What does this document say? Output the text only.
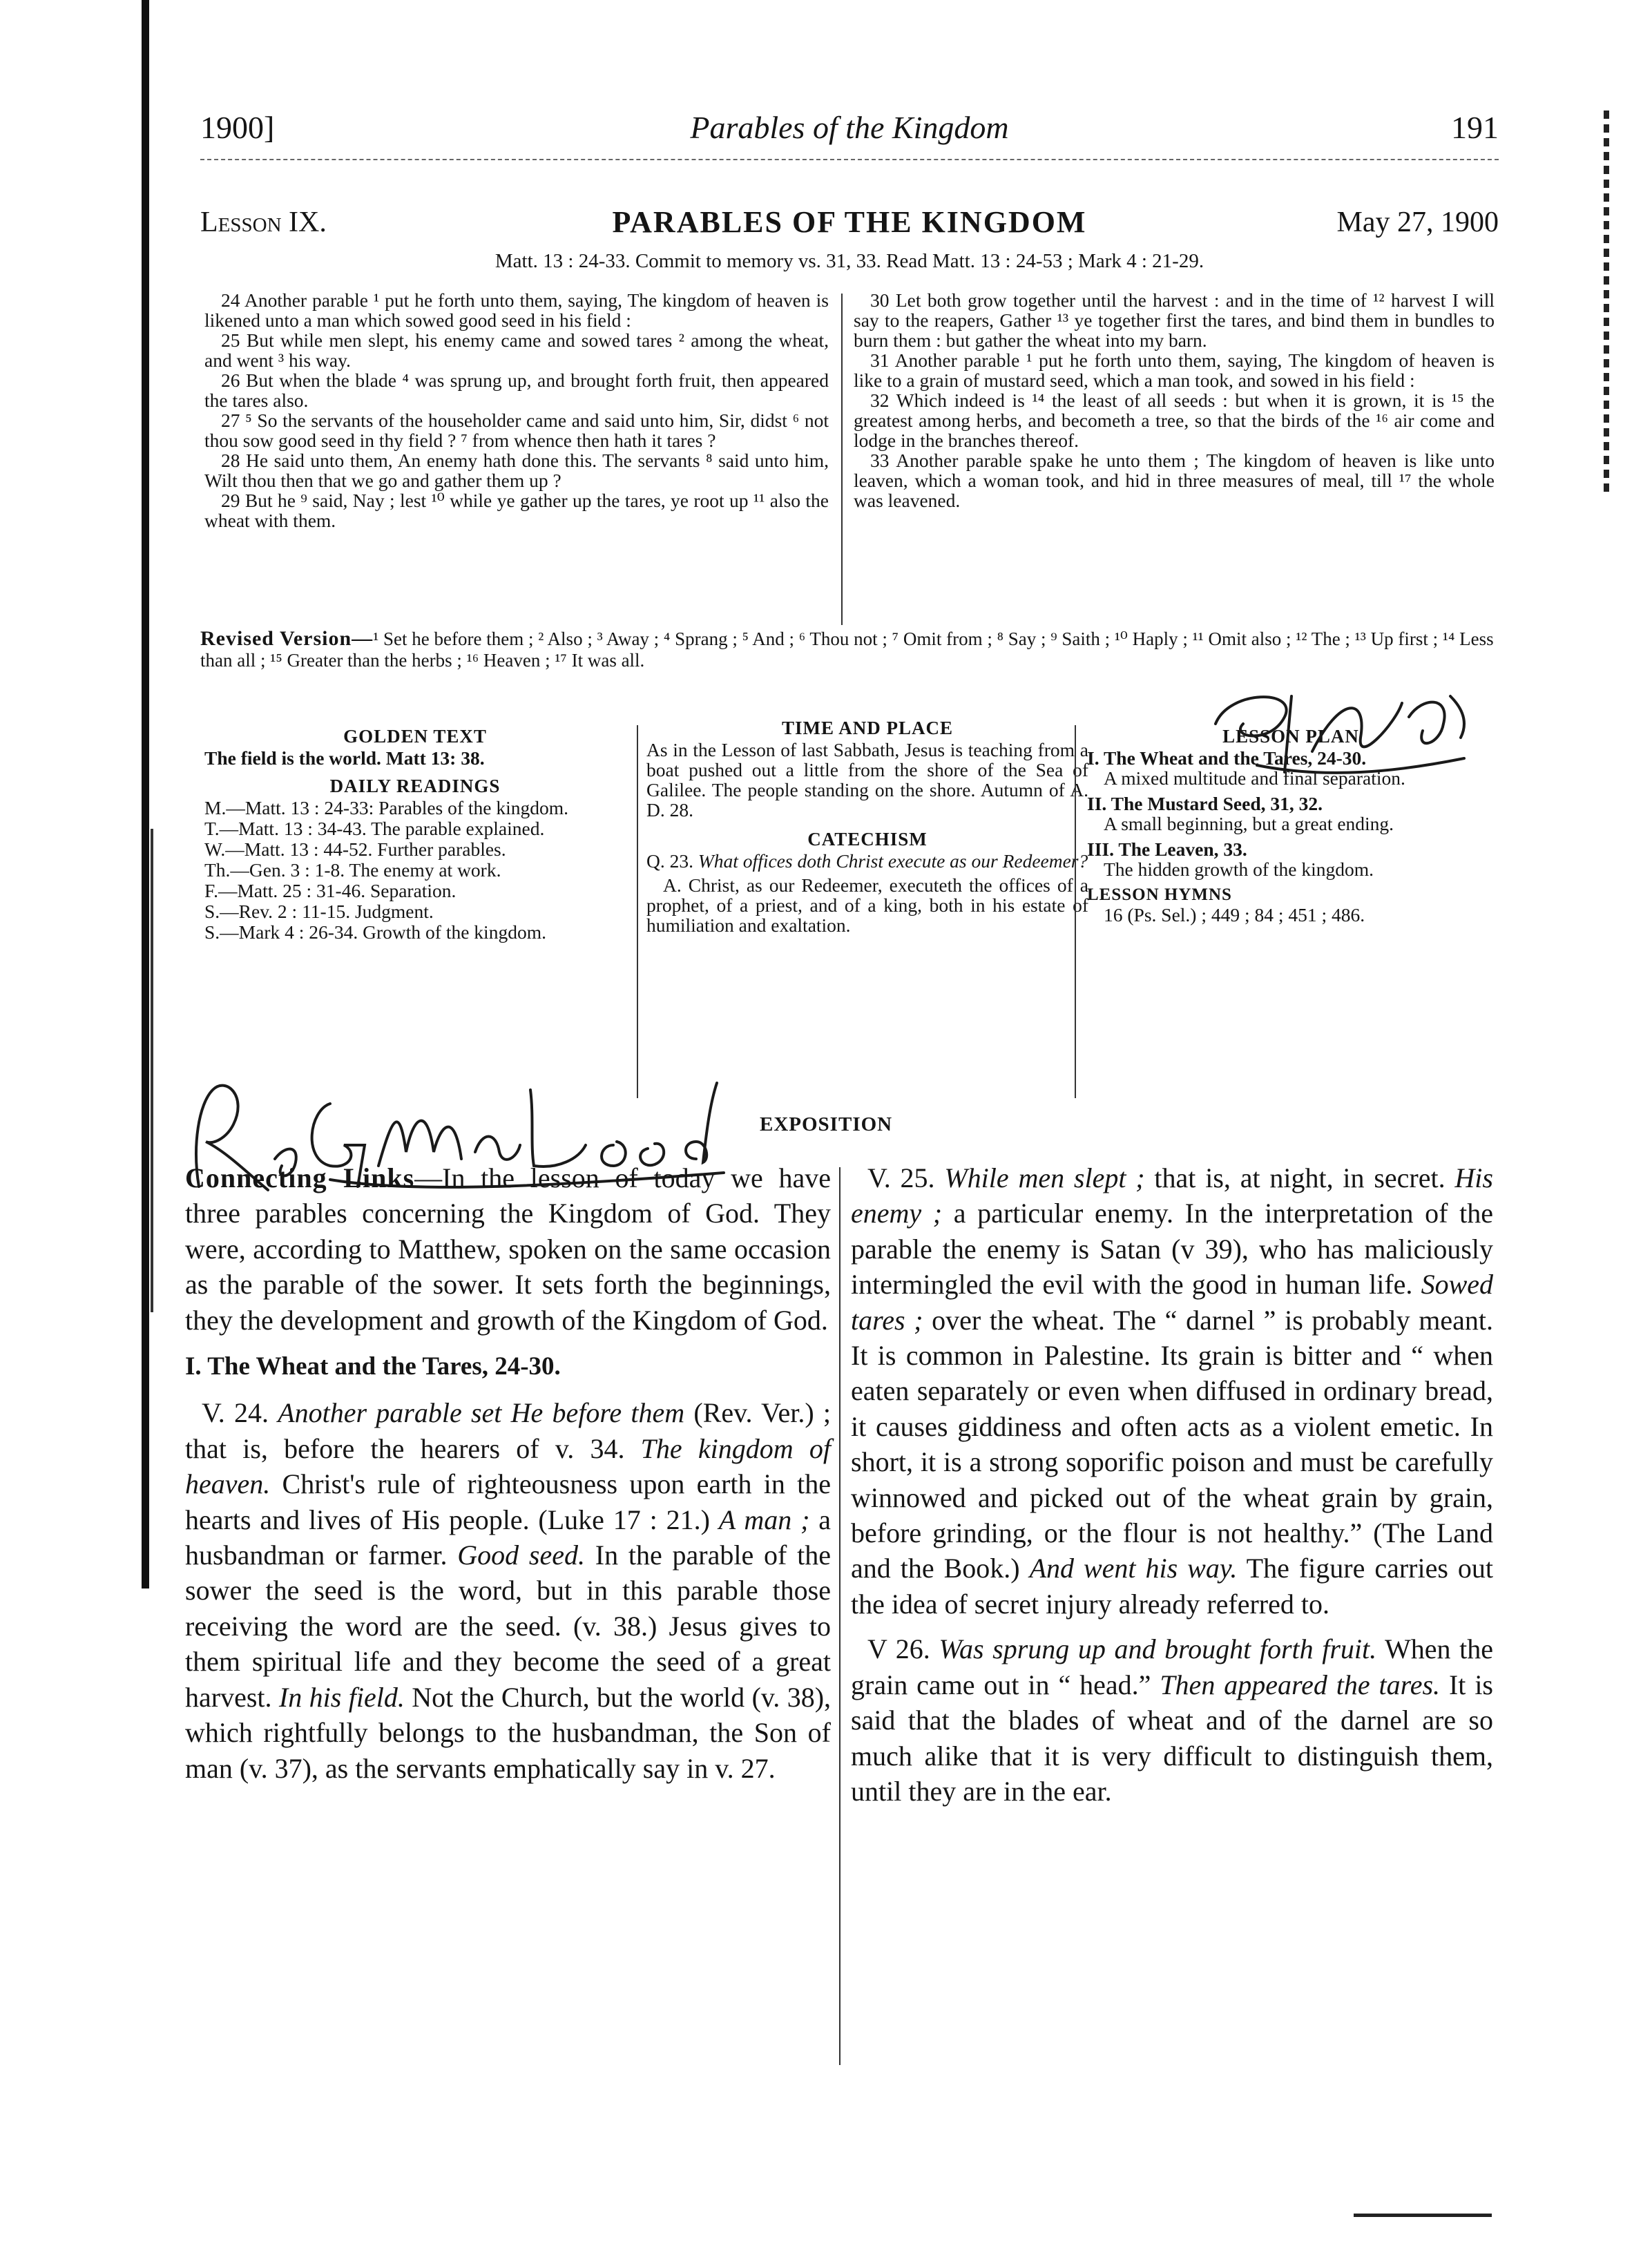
1900]	Parables of the Kingdom	191
Lesson IX.	PARABLES OF THE KINGDOM	May 27, 1900
Matt. 13 : 24-33. Commit to memory vs. 31, 33. Read Matt. 13 : 24-53 ; Mark 4 : 21-29.

24 Another parable ¹ put he forth unto them, saying, The kingdom of heaven is likened unto a man which sowed good seed in his field :

25 But while men slept, his enemy came and sowed tares ² among the wheat, and went ³ his way.

26 But when the blade ⁴ was sprung up, and brought forth fruit, then appeared the tares also.

27 ⁵ So the servants of the householder came and said unto him, Sir, didst ⁶ not thou sow good seed in thy field ? ⁷ from whence then hath it tares ?

28 He said unto them, An enemy hath done this. The servants ⁸ said unto him, Wilt thou then that we go and gather them up ?

29 But he ⁹ said, Nay ; lest ¹⁰ while ye gather up the tares, ye root up ¹¹ also the wheat with them.

30 Let both grow together until the harvest : and in the time of ¹² harvest I will say to the reapers, Gather ¹³ ye together first the tares, and bind them in bundles to burn them : but gather the wheat into my barn.

31 Another parable ¹ put he forth unto them, saying, The kingdom of heaven is like to a grain of mustard seed, which a man took, and sowed in his field :

32 Which indeed is ¹⁴ the least of all seeds : but when it is grown, it is ¹⁵ the greatest among herbs, and becometh a tree, so that the birds of the ¹⁶ air come and lodge in the branches thereof.

33 Another parable spake he unto them ; The kingdom of heaven is like unto leaven, which a woman took, and hid in three measures of meal, till ¹⁷ the whole was leavened.

Revised Version—¹ Set he before them ; ² Also ; ³ Away ; ⁴ Sprang ; ⁵ And ; ⁶ Thou not ; ⁷ Omit from ; ⁸ Say ; ⁹ Saith ; ¹⁰ Haply ; ¹¹ Omit also ; ¹² The ; ¹³ Up first ; ¹⁴ Less than all ; ¹⁵ Greater than the herbs ; ¹⁶ Heaven ; ¹⁷ It was all.
GOLDEN TEXT
The field is the world. Matt 13: 38.
DAILY READINGS
M.—Matt. 13 : 24-33: Parables of the kingdom.
T.—Matt. 13 : 34-43. The parable explained.
W.—Matt. 13 : 44-52. Further parables.
Th.—Gen. 3 : 1-8. The enemy at work.
F.—Matt. 25 : 31-46. Separation.
S.—Rev. 2 : 11-15. Judgment.
S.—Mark 4 : 26-34. Growth of the kingdom.
TIME AND PLACE
As in the Lesson of last Sabbath, Jesus is teaching from a boat pushed out a little from the shore of the Sea of Galilee. The people standing on the shore. Autumn of A. D. 28.
CATECHISM
Q. 23. What offices doth Christ execute as our Redeemer?
A. Christ, as our Redeemer, executeth the offices of a prophet, of a priest, and of a king, both in his estate of humiliation and exaltation.
LESSON PLAN
I. The Wheat and the Tares, 24-30.
A mixed multitude and final separation.
II. The Mustard Seed, 31, 32.
A small beginning, but a great ending.
III. The Leaven, 33.
The hidden growth of the kingdom.
LESSON HYMNS
16 (Ps. Sel.) ; 449 ; 84 ; 451 ; 486.
EXPOSITION

Connecting Links—In the lesson of today we have three parables concerning the Kingdom of God. They were, according to Matthew, spoken on the same occasion as the parable of the sower. It sets forth the beginnings, they the development and growth of the Kingdom of God.

I. The Wheat and the Tares, 24-30.

V. 24. Another parable set He before them (Rev. Ver.) ; that is, before the hearers of v. 34. The kingdom of heaven. Christ's rule of righteousness upon earth in the hearts and lives of His people. (Luke 17 : 21.) A man ; a husbandman or farmer. Good seed. In the parable of the sower the seed is the word, but in this parable those receiving the word are the seed. (v. 38.) Jesus gives to them spiritual life and they become the seed of a great harvest. In his field. Not the Church, but the world (v. 38), which rightfully belongs to the husbandman, the Son of man (v. 37), as the servants emphatically say in v. 27.

V. 25. While men slept ; that is, at night, in secret. His enemy ; a particular enemy. In the interpretation of the parable the enemy is Satan (v 39), who has maliciously intermingled the evil with the good in human life. Sowed tares ; over the wheat. The “ darnel ” is probably meant. It is common in Palestine. Its grain is bitter and “ when eaten separately or even when diffused in ordinary bread, it causes giddiness and often acts as a violent emetic. In short, it is a strong soporific poison and must be carefully winnowed and picked out of the wheat grain by grain, before grinding, or the flour is not healthy.” (The Land and the Book.) And went his way. The figure carries out the idea of secret injury already referred to.

V 26. Was sprung up and brought forth fruit. When the grain came out in “ head.” Then appeared the tares. It is said that the blades of wheat and of the darnel are so much alike that it is very difficult to distinguish them, until they are in the ear.
